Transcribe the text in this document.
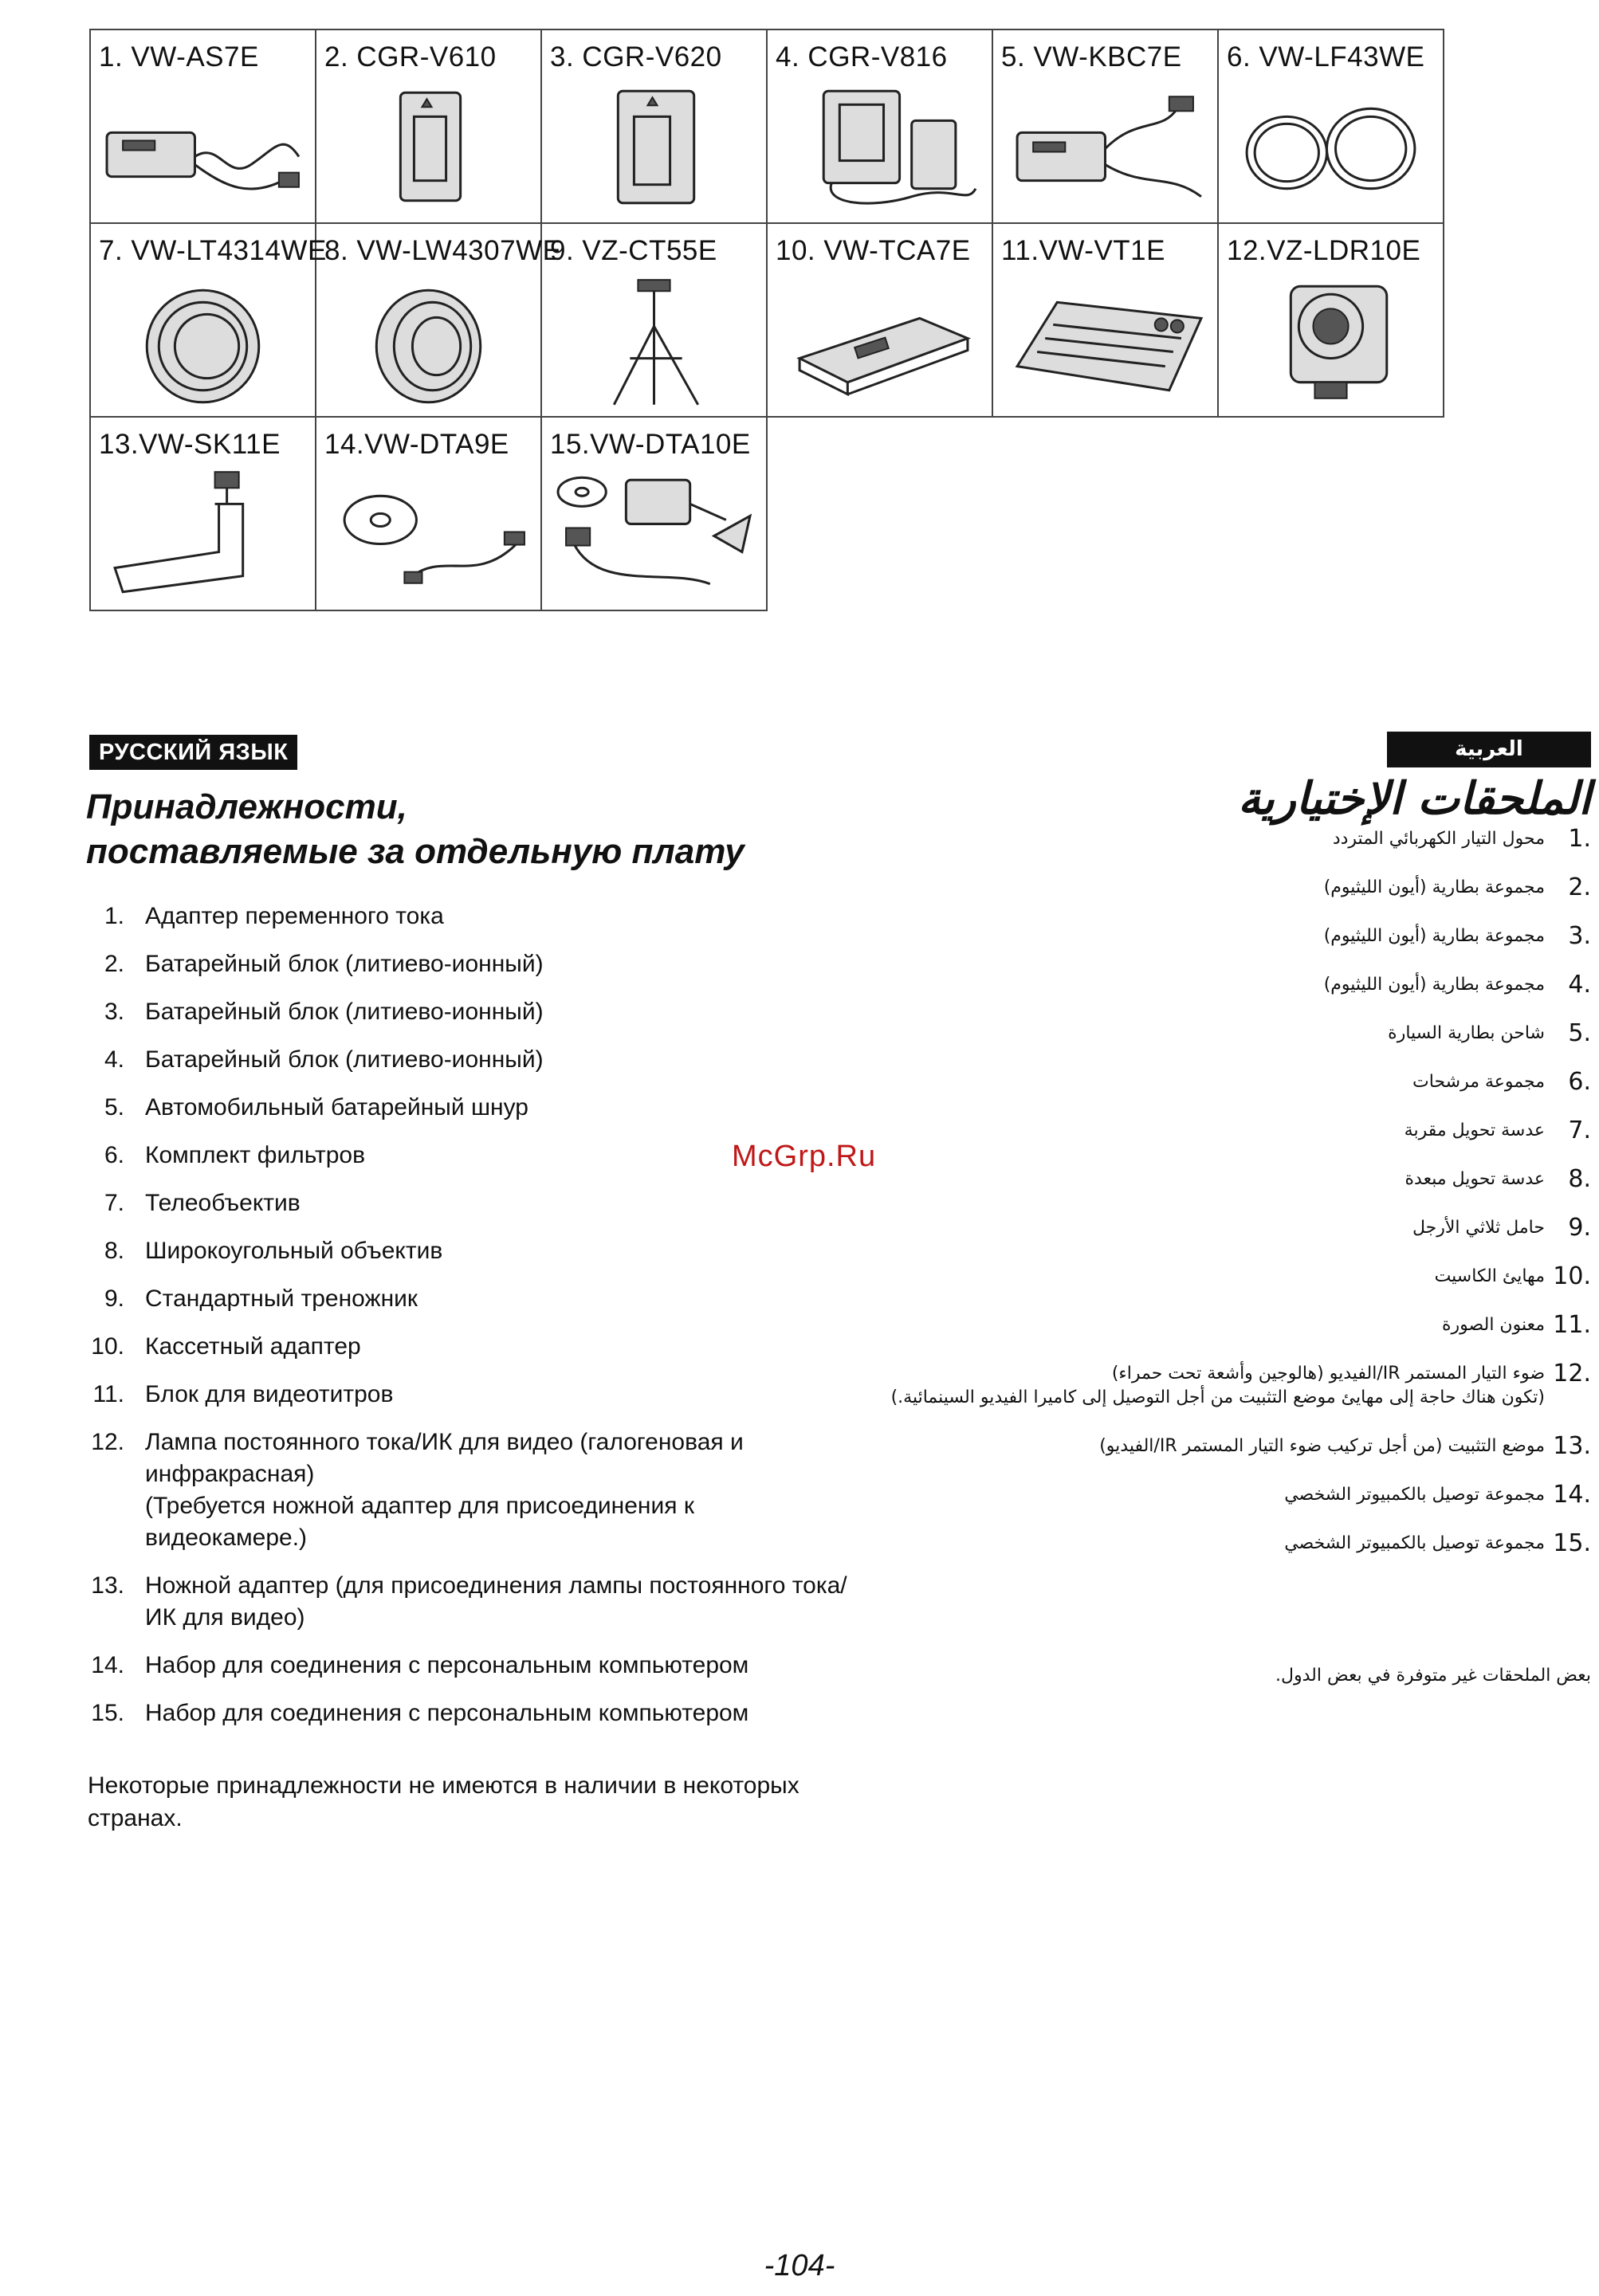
1. VW-AS7E	2. CGR-V610	3. CGR-V620	4. CGR-V816	5. VW-KBC7E	6. VW-LF43WE

7. VW-LT4314WE	8. VW-LW4307WE	9. VZ-CT55E	10. VW-TCA7E	11.VW-VT1E	12.VZ-LDR10E

13.VW-SK11E	14.VW-DTA9E	15.VW-DTA10E			

РУССКИЙ ЯЗЫК
Принадлежности,
поставляемые за отдельную плату
1. Адаптер переменного тока
2. Батарейный блок (литиево-ионный)
3. Батарейный блок (литиево-ионный)
4. Батарейный блок (литиево-ионный)
5. Автомобильный батарейный шнур
6. Комплект фильтров
7. Телеобъектив
8. Широкоугольный объектив
9. Стандартный треножник
10. Кассетный адаптер
11. Блок для видеотитров
12. Лампа постоянного тока/ИК для видео (галогеновая и инфракрасная)
(Требуется ножной адаптер для присоединения к видеокамере.)
13. Ножной адаптер (для присоединения лампы постоянного тока/ИК для видео)
14. Набор для соединения с персональным компьютером
15. Набор для соединения с персональным компьютером
Некоторые принадлежности не имеются в наличии в некоторых странах.
العربية
الملحقات الإختيارية
1.
محول التيار الكهربائي المتردد
2.
مجموعة بطارية (أيون الليثيوم)
3.
مجموعة بطارية (أيون الليثيوم)
4.
مجموعة بطارية (أيون الليثيوم)
5.
شاحن بطارية السيارة
6.
مجموعة مرشحات
7.
عدسة تحويل مقربة
8.
عدسة تحويل مبعدة
9.
حامل ثلاثي الأرجل
10.
مهايئ الكاسيت
11.
معنون الصورة
12.
ضوء التيار المستمر IR/الفيديو (هالوجين وأشعة تحت حمراء)
(تكون هناك حاجة إلى مهايئ موضع التثبيت من أجل التوصيل إلى كاميرا الفيديو السينمائية.)
13.
موضع التثبيت (من أجل تركيب ضوء التيار المستمر IR/الفيديو)
14.
مجموعة توصيل بالكمبيوتر الشخصي
15.
مجموعة توصيل بالكمبيوتر الشخصي
بعض الملحقات غير متوفرة في بعض الدول.
McGrp.Ru
-104-
